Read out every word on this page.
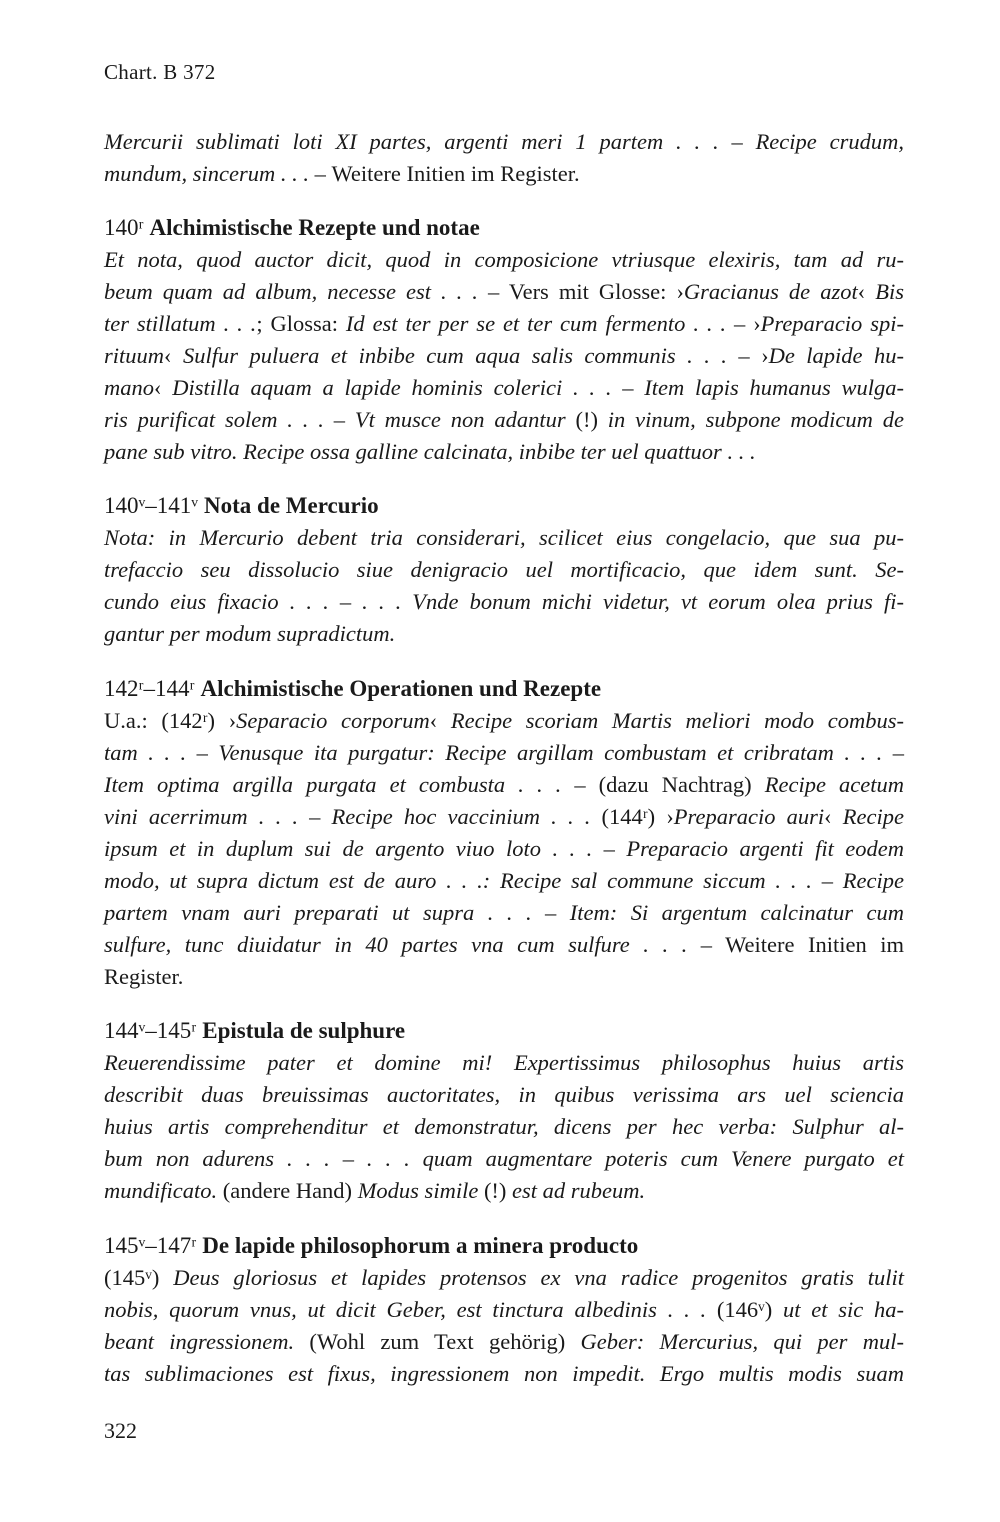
Chart. B 372
Mercurii sublimati loti XI partes, argenti meri 1 partem . . . – Recipe crudum,
mundum, sincerum . . . – Weitere Initien im Register.
140ʳ Alchimistische Rezepte und notae
Et nota, quod auctor dicit, quod in composicione vtriusque elexiris, tam ad ru-
beum quam ad album, necesse est . . . – Vers mit Glosse: ›Gracianus de azot‹ Bis
ter stillatum . . .; Glossa: Id est ter per se et ter cum fermento . . . – ›Preparacio spi-
rituum‹ Sulfur puluera et inbibe cum aqua salis communis . . . – ›De lapide hu-
mano‹ Distilla aquam a lapide hominis colerici . . . – Item lapis humanus wulga-
ris purificat solem . . . – Vt musce non adantur (!) in vinum, subpone modicum de
pane sub vitro. Recipe ossa galline calcinata, inbibe ter uel quattuor . . .
140ᵛ–141ᵛ Nota de Mercurio
Nota: in Mercurio debent tria considerari, scilicet eius congelacio, que sua pu-
trefaccio seu dissolucio siue denigracio uel mortificacio, que idem sunt. Se-
cundo eius fixacio . . . – . . . Vnde bonum michi videtur, vt eorum olea prius fi-
gantur per modum supradictum.
142ʳ–144ʳ Alchimistische Operationen und Rezepte
U.a.: (142ʳ) ›Separacio corporum‹ Recipe scoriam Martis meliori modo combus-
tam . . . – Venusque ita purgatur: Recipe argillam combustam et cribratam . . . –
Item optima argilla purgata et combusta . . . – (dazu Nachtrag) Recipe acetum
vini acerrimum . . . – Recipe hoc vaccinium . . . (144ʳ) ›Preparacio auri‹ Recipe
ipsum et in duplum sui de argento viuo loto . . . – Preparacio argenti fit eodem
modo, ut supra dictum est de auro . . .: Recipe sal commune siccum . . . – Recipe
partem vnam auri preparati ut supra . . . – Item: Si argentum calcinatur cum
sulfure, tunc diuidatur in 40 partes vna cum sulfure . . . – Weitere Initien im
Register.
144ᵛ–145ʳ Epistula de sulphure
Reuerendissime pater et domine mi! Expertissimus philosophus huius artis
describit duas breuissimas auctoritates, in quibus verissima ars uel sciencia
huius artis comprehenditur et demonstratur, dicens per hec verba: Sulphur al-
bum non adurens . . . – . . . quam augmentare poteris cum Venere purgato et
mundificato. (andere Hand) Modus simile (!) est ad rubeum.
145ᵛ–147ʳ De lapide philosophorum a minera producto
(145ᵛ) Deus gloriosus et lapides protensos ex vna radice progenitos gratis tulit
nobis, quorum vnus, ut dicit Geber, est tinctura albedinis . . . (146ᵛ) ut et sic ha-
beant ingressionem. (Wohl zum Text gehörig) Geber: Mercurius, qui per mul-
tas sublimaciones est fixus, ingressionem non impedit. Ergo multis modis suam
322
